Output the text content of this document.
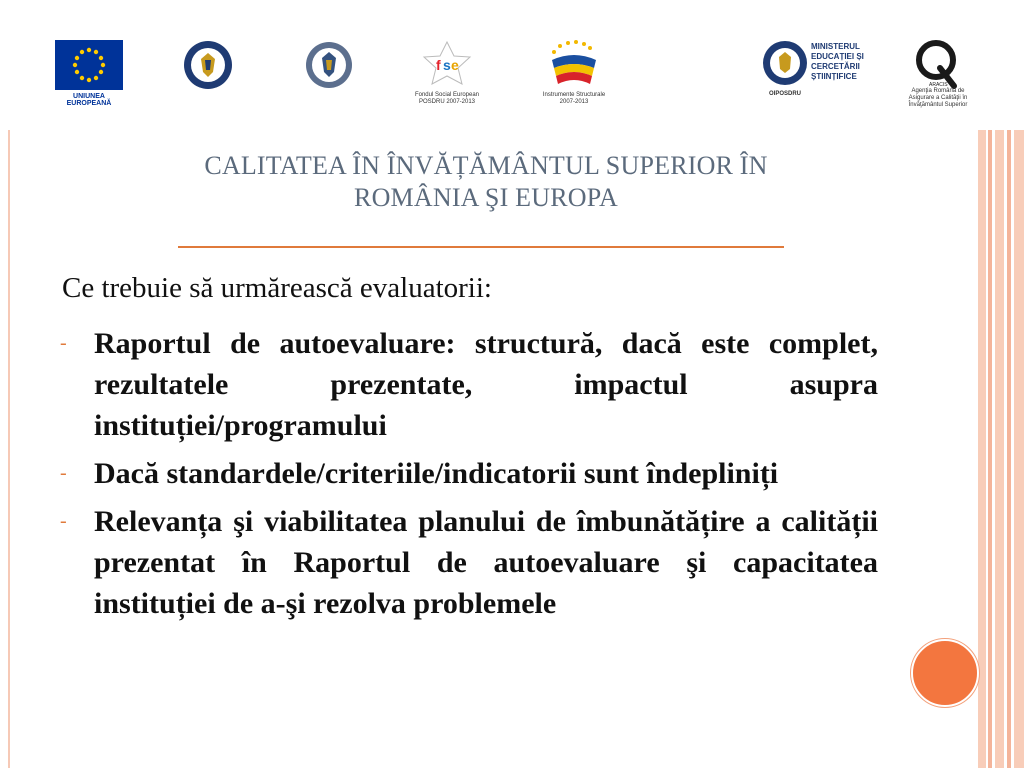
UNIUNEA EUROPEANĂ
f s e
Fondul Social European
POSDRU 2007-2013
Instrumente Structurale
2007-2013
MINISTERUL
EDUCAȚIEI ȘI
CERCETĂRII
ȘTIINȚIFICE
OIPOSDRU
ARACIS
Agenţia Română de
Asigurare a Calităţii în
Învăţământul Superior
CALITATEA ÎN ÎNVĂȚĂMÂNTUL SUPERIOR ÎN
ROMÂNIA ŞI EUROPA

Ce trebuie să urmărească evaluatorii:

- Raportul de autoevaluare: structură, dacă este complet, rezultatele prezentate, impactul asupra instituției/programului
- Dacă standardele/criteriile/indicatorii sunt îndepliniți
- Relevanța şi viabilitatea planului de îmbunătățire a calității prezentat în Raportul de autoevaluare şi capacitatea instituției de a-şi rezolva problemele
